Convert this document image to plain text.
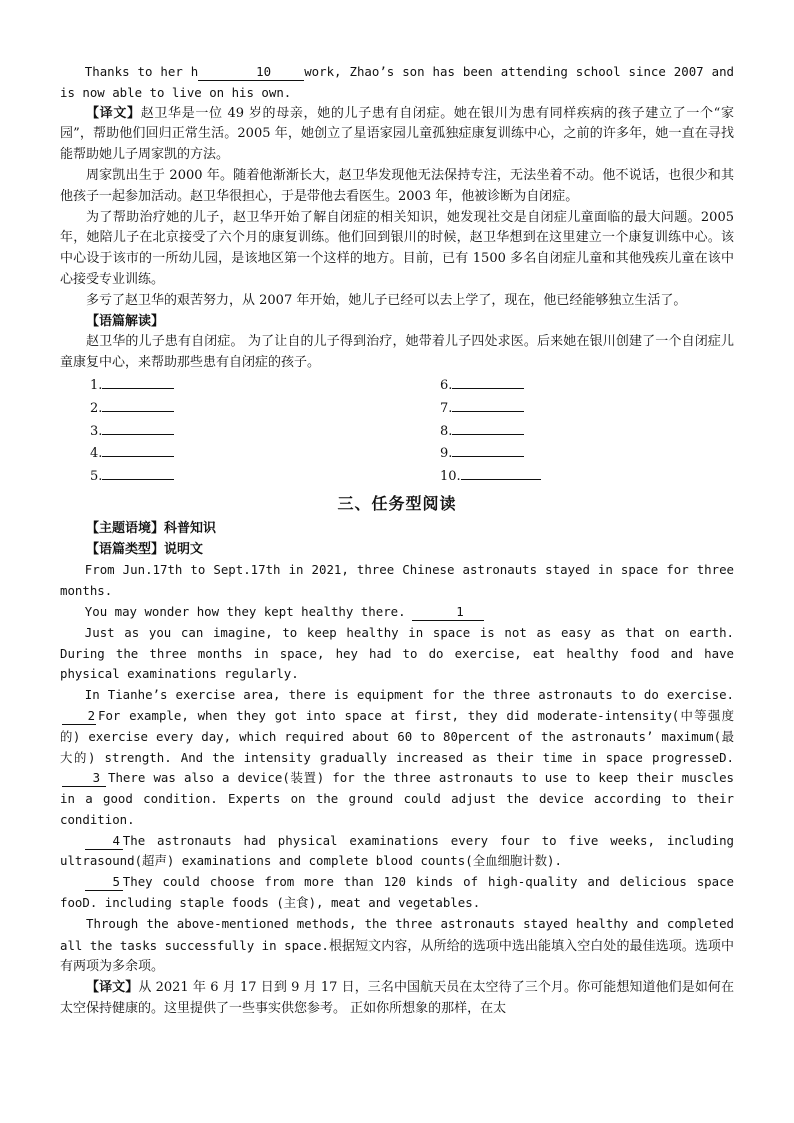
Thanks to her h	10	work, Zhao’s son has been attending school since 2007 and is now able to live on his own.

【译文】赵卫华是一位 49 岁的母亲，她的儿子患有自闭症。她在银川为患有同样疾病的孩子建立了一个“家园”，帮助他们回归正常生活。2005 年，她创立了星语家园儿童孤独症康复训练中心，之前的许多年，她一直在寻找能帮助她儿子周家凯的方法。

周家凯出生于 2000 年。随着他渐渐长大，赵卫华发现他无法保持专注，无法坐着不动。他不说话，也很少和其他孩子一起参加活动。赵卫华很担心，于是带他去看医生。2003 年，他被诊断为自闭症。

为了帮助治疗她的儿子，赵卫华开始了解自闭症的相关知识，她发现社交是自闭症儿童面临的最大问题。2005 年，她陪儿子在北京接受了六个月的康复训练。他们回到银川的时候，赵卫华想到在这里建立一个康复训练中心。该中心设于该市的一所幼儿园，是该地区第一个这样的地方。目前，已有 1500 多名自闭症儿童和其他残疾儿童在该中心接受专业训练。

多亏了赵卫华的艰苦努力，从 2007 年开始，她儿子已经可以去上学了，现在，他已经能够独立生活了。

【语篇解读】

赵卫华的儿子患有自闭症。 为了让自的儿子得到治疗，她带着儿子四处求医。后来她在银川创建了一个自闭症儿童康复中心，来帮助那些患有自闭症的孩子。

1.	6.
2.	7.
3.	8.
4.	9.
5.	10.
三、任务型阅读

【主题语境】科普知识

【语篇类型】说明文

From Jun.17th to Sept.17th in 2021, three Chinese astronauts stayed in space for three months.

You may wonder how they kept healthy there.	1

Just as you can imagine, to keep healthy in space is not as easy as that on earth. During the three months in space, hey had to do exercise, eat healthy food and have physical examinations regularly.

In Tianhe’s exercise area, there is equipment for the three astronauts to do exercise.2 For example, when they got into space at first, they did moderate-intensity(中等强度的) exercise every day, which required about 60 to 80percent of the astronauts’ maximum(最大的) strength. And the intensity gradually increased as their time in space progresseD.3 There was also a device(装置) for the three astronauts to use to keep their muscles in a good condition. Experts on the ground could adjust the device according to their condition.

4 The astronauts had physical examinations every four to five weeks, including ultrasound(超声) examinations and complete blood counts(全血细胞计数).

5 They could choose from more than 120 kinds of high-quality and delicious space fooD. including staple foods (主食), meat and vegetables.

Through the above-mentioned methods, the three astronauts stayed healthy and completed all the tasks successfully in space.根据短文内容，从所给的选项中选出能填入空白处的最佳选项。选项中有两项为多余项。

【译文】从 2021 年 6 月 17 日到 9 月 17 日，三名中国航天员在太空待了三个月。你可能想知道他们是如何在太空保持健康的。这里提供了一些事实供您参考。 正如你所想象的那样，在太
